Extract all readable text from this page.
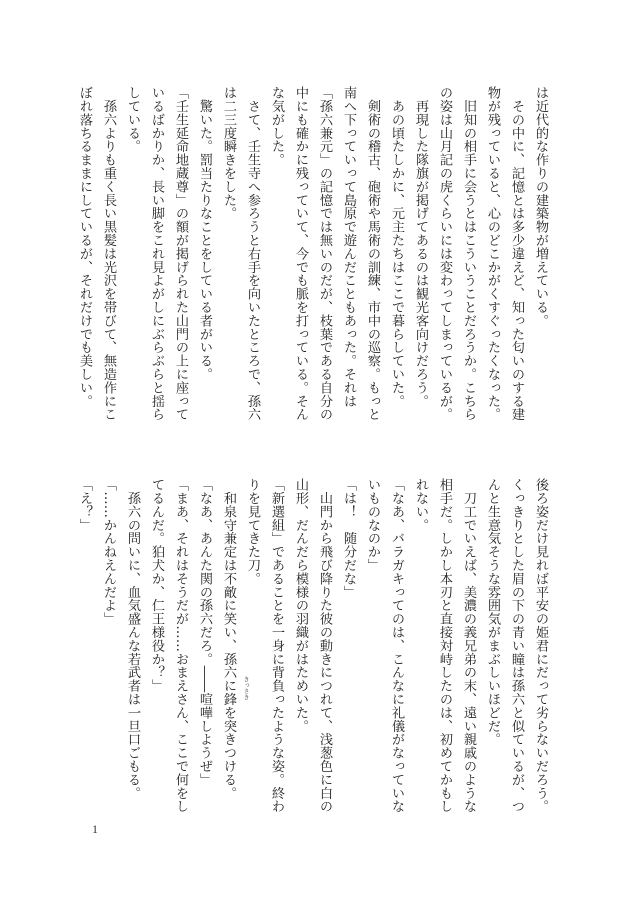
は近代的な作りの建築物が増えている。
　その中に、記憶とは多少違えど、知った匂いのする建
物が残っていると、心のどこかがくすぐったくなった。
　旧知の相手に会うとはこういうことだろうか。こちら
の姿は山月記の虎くらいには変わってしまっているが。
　再現した隊旗が掲げてあるのは観光客向けだろう。
　あの頃たしかに、元主たちはここで暮らしていた。
　剣術の稽古、砲術や馬術の訓練、市中の巡察。もっと
南へ下っていって島原で遊んだこともあった。それは
「孫六兼元」の記憶では無いのだが、枝葉である自分の
中にも確かに残っていて、今でも脈を打っている。そん
な気がした。
　さて、壬生寺へ参ろうと右手を向いたところで、孫六
は二三度瞬きをした。
　驚いた。罰当たりなことをしている者がいる。
「壬生延命地蔵尊」の額が掲げられた山門の上に座って
いるばかりか、長い脚をこれ見よがしにぶらぶらと揺ら
している。
　孫六よりも重く長い黒髪は光沢を帯びて、無造作にこ
ぼれ落ちるままにしているが、それだけでも美しい。
後ろ姿だけ見れば平安の姫君にだって劣らないだろう。
くっきりとした眉の下の青い瞳は孫六と似ているが、つ
んと生意気そうな雰囲気がまぶしいほどだ。
　刀工でいえば、美濃の義兄弟の末、遠い親戚のような
相手だ。しかし本刃と直接対峙したのは、初めてかもし
れない。
「なあ、バラガキってのは、こんなに礼儀がなっていな
いものなのか」
「は！　随分だな」
　山門から飛び降りた彼の動きにつれて、浅葱色に白の
山形、だんだら模様の羽織がはためいた。
「新選組」であることを一身に背負ったような姿。終わ
りを見てきた刀。
　和泉守兼定は不敵に笑い、孫六に鋒を突きつける。
「なあ、あんた関の孫六だろ。――喧嘩しようぜ」
「まあ、それはそうだが……おまえさん、ここで何をし
てるんだ。狛犬か、仁王様役か？」
　孫六の問いに、血気盛んな若武者は一旦口ごもる。
「……かんねえんだよ」
「え？」
きっさき
1
